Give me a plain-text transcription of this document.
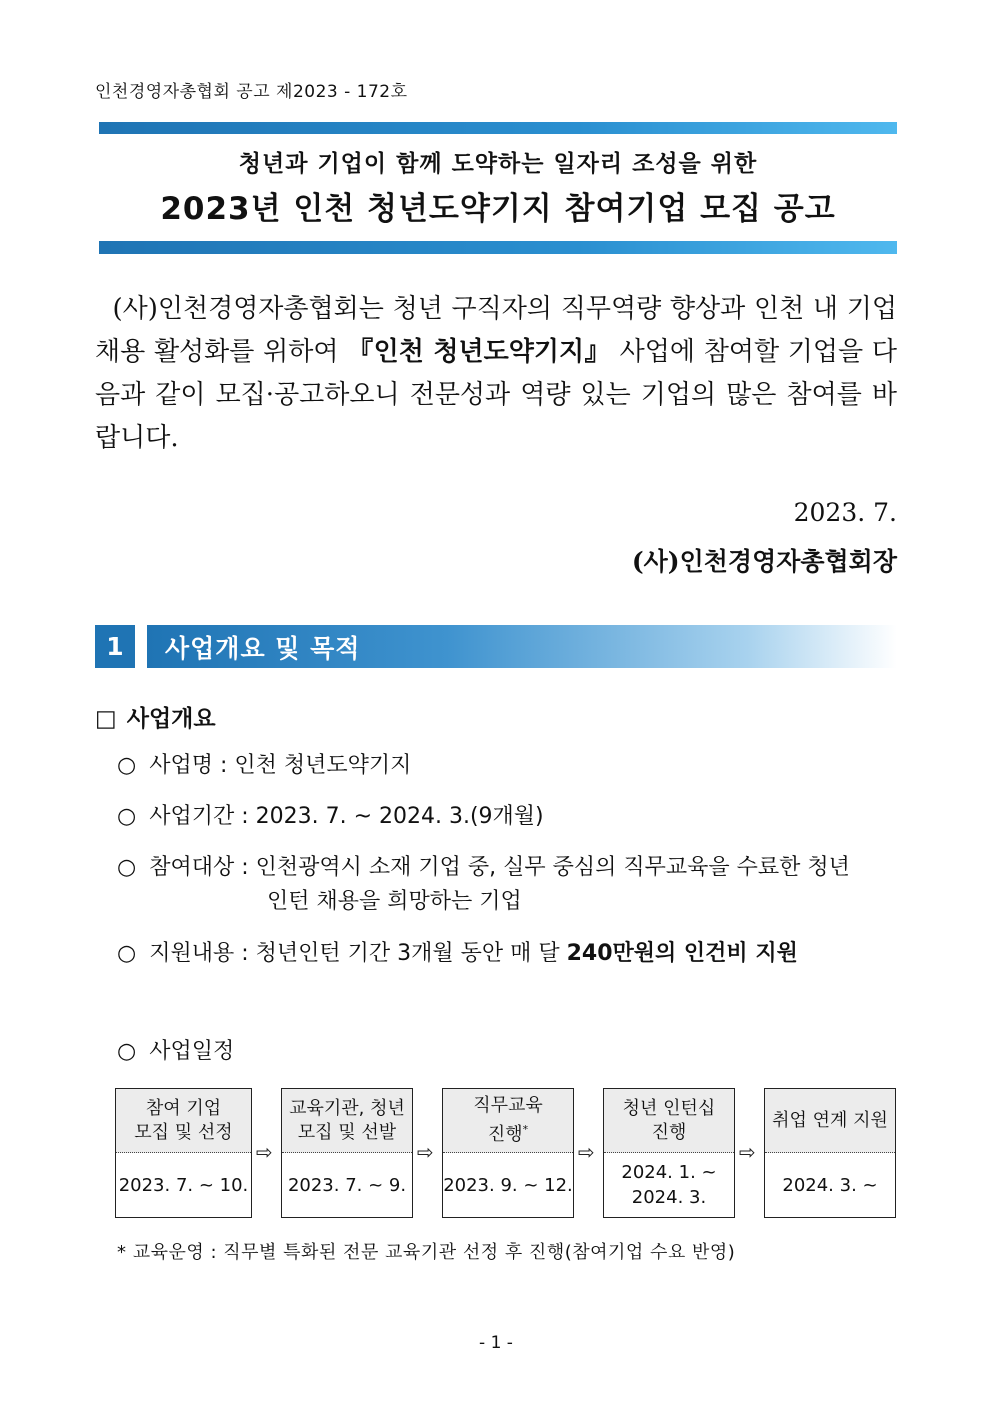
인천경영자총협회 공고 제2023 - 172호
청년과 기업이 함께 도약하는 일자리 조성을 위한
2023년 인천 청년도약기지 참여기업 모집 공고
(사)인천경영자총협회는 청년 구직자의 직무역량 향상과 인천 내 기업 채용 활성화를 위하여 『인천 청년도약기지』 사업에 참여할 기업을 다음과 같이 모집·공고하오니 전문성과 역량 있는 기업의 많은 참여를 바랍니다.
2023. 7.
(사)인천경영자총협회장
1	사업개요 및 목적
□ 사업개요
○ 사업명 : 인천 청년도약기지
○ 사업기간 : 2023. 7. ~ 2024. 3.(9개월)
○ 참여대상 : 인천광역시 소재 기업 중, 실무 중심의 직무교육을 수료한 청년
인턴 채용을 희망하는 기업
○ 지원내용 : 청년인턴 기간 3개월 동안 매 달 240만원의 인건비 지원
○ 사업일정
참여 기업
모집 및 선정
2023. 7. ~ 10.
⇨
교육기관, 청년
모집 및 선발
2023. 7. ~ 9.
⇨
직무교육
진행*
2023. 9. ~ 12.
⇨
청년 인턴십
진행
2024. 1. ~
2024. 3.
⇨
취업 연계 지원
2024. 3. ~
* 교육운영 : 직무별 특화된 전문 교육기관 선정 후 진행(참여기업 수요 반영)
- 1 -
